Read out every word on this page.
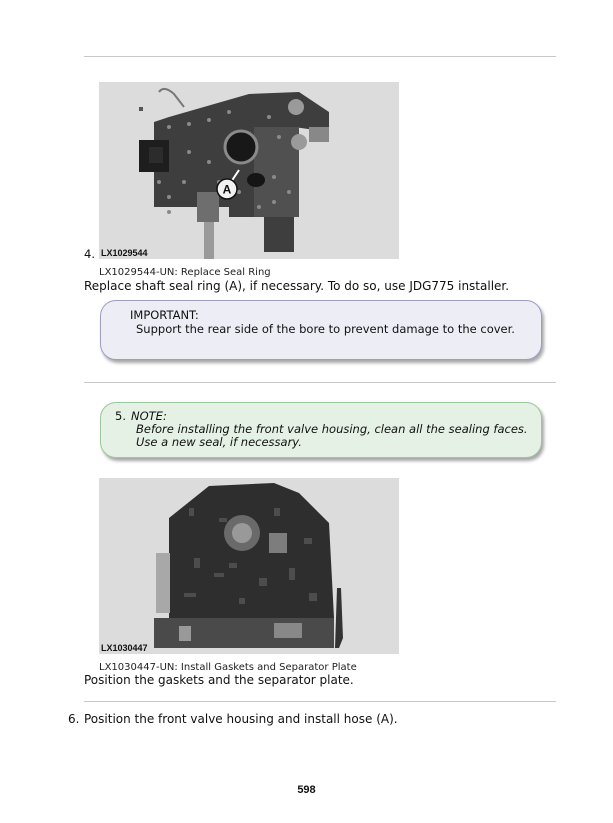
A
LX1029544
4.
LX1029544-UN: Replace Seal Ring
Replace shaft seal ring (A), if necessary. To do so, use JDG775 installer.
IMPORTANT:
Support the rear side of the bore to prevent damage to the cover.
5. NOTE:
Before installing the front valve housing, clean all the sealing faces. Use a new seal, if necessary.
LX1030447
LX1030447-UN: Install Gaskets and Separator Plate
Position the gaskets and the separator plate.
6. Position the front valve housing and install hose (A).
598
